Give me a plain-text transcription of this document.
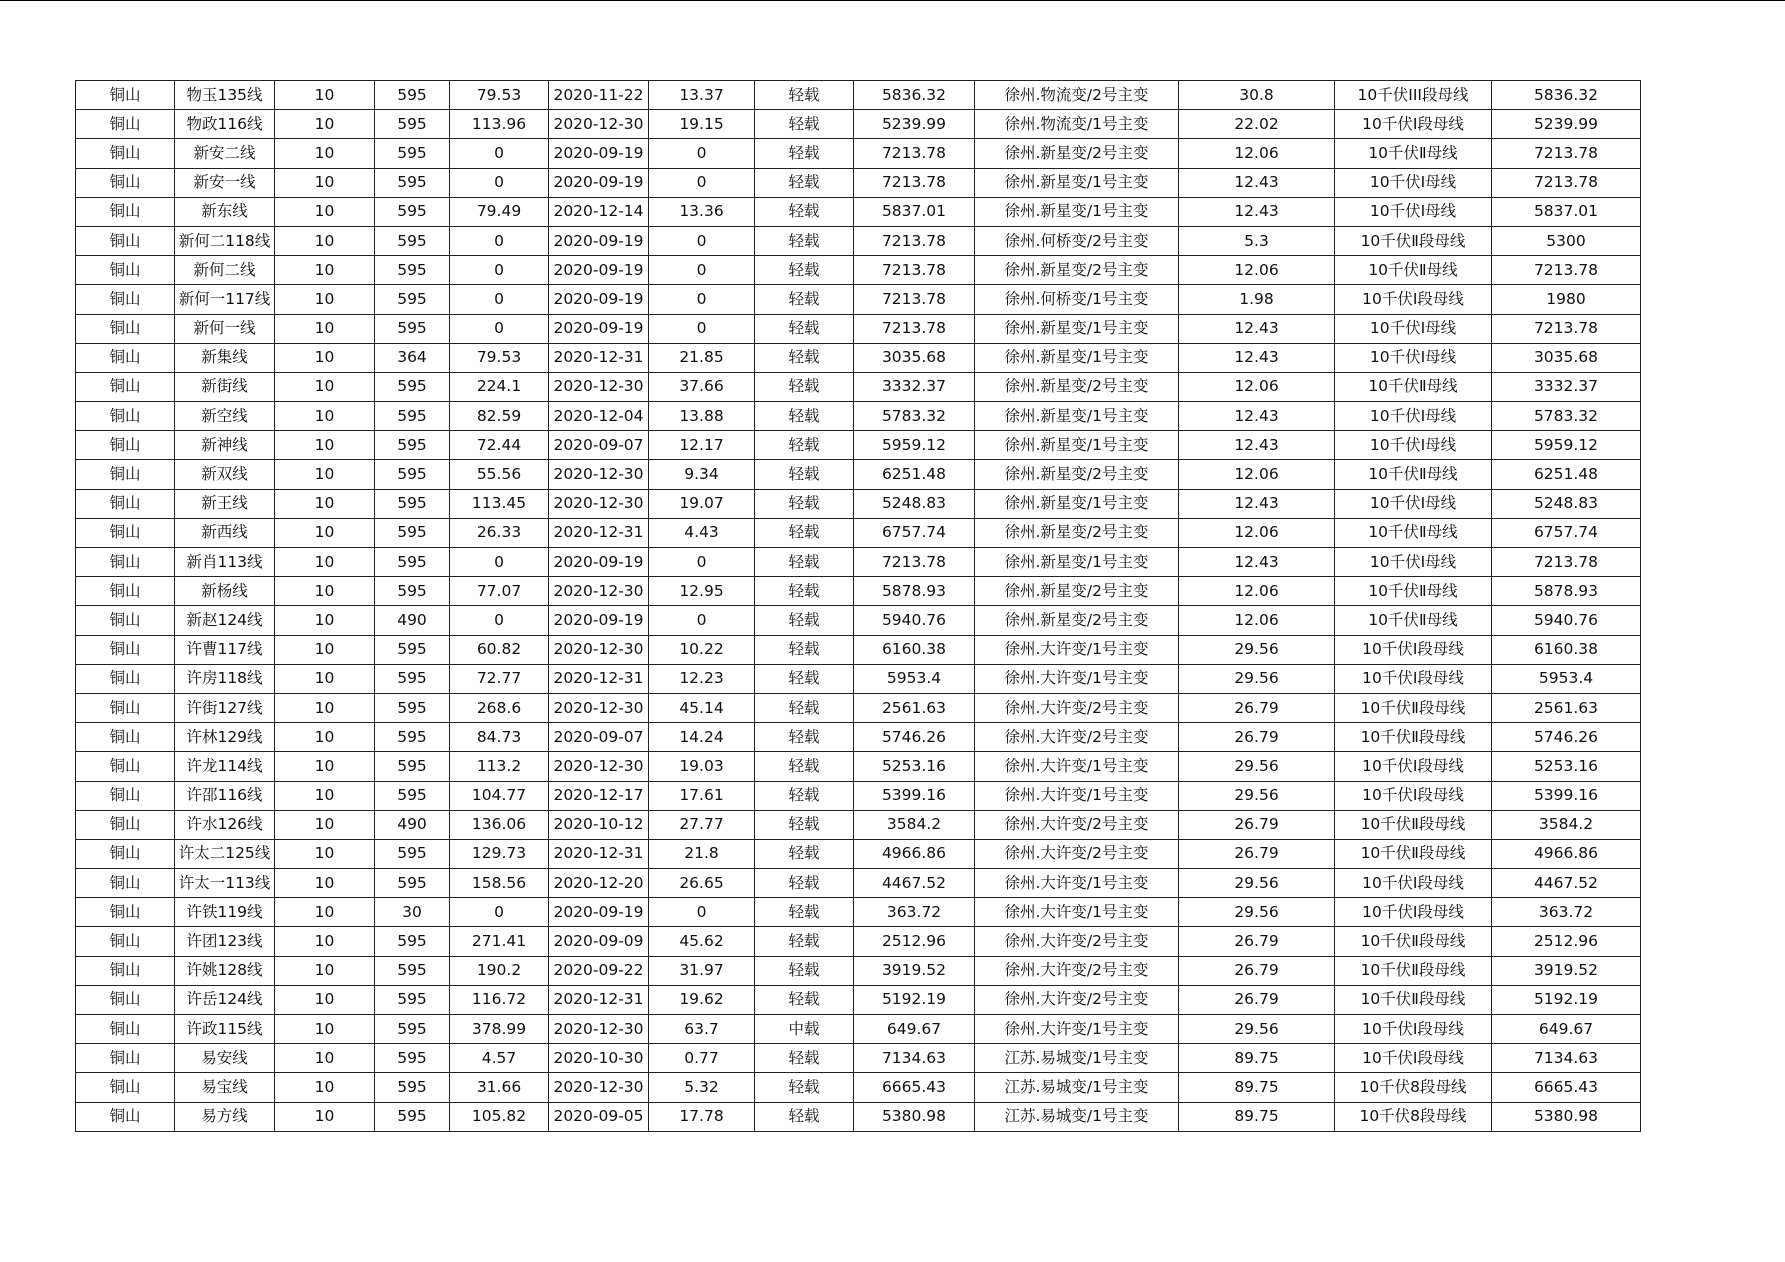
铜山	物玉135线	10	595	79.53	2020-11-22	13.37	轻载	5836.32	徐州.物流变/2号主变	30.8	10千伏III段母线	5836.32

铜山	物政116线	10	595	113.96	2020-12-30	19.15	轻载	5239.99	徐州.物流变/1号主变	22.02	10千伏Ⅰ段母线	5239.99

铜山	新安二线	10	595	0	2020-09-19	0	轻载	7213.78	徐州.新星变/2号主变	12.06	10千伏Ⅱ母线	7213.78

铜山	新安一线	10	595	0	2020-09-19	0	轻载	7213.78	徐州.新星变/1号主变	12.43	10千伏Ⅰ母线	7213.78

铜山	新东线	10	595	79.49	2020-12-14	13.36	轻载	5837.01	徐州.新星变/1号主变	12.43	10千伏Ⅰ母线	5837.01

铜山	新何二118线	10	595	0	2020-09-19	0	轻载	7213.78	徐州.何桥变/2号主变	5.3	10千伏Ⅱ段母线	5300

铜山	新何二线	10	595	0	2020-09-19	0	轻载	7213.78	徐州.新星变/2号主变	12.06	10千伏Ⅱ母线	7213.78

铜山	新何一117线	10	595	0	2020-09-19	0	轻载	7213.78	徐州.何桥变/1号主变	1.98	10千伏Ⅰ段母线	1980

铜山	新何一线	10	595	0	2020-09-19	0	轻载	7213.78	徐州.新星变/1号主变	12.43	10千伏Ⅰ母线	7213.78

铜山	新集线	10	364	79.53	2020-12-31	21.85	轻载	3035.68	徐州.新星变/1号主变	12.43	10千伏Ⅰ母线	3035.68

铜山	新街线	10	595	224.1	2020-12-30	37.66	轻载	3332.37	徐州.新星变/2号主变	12.06	10千伏Ⅱ母线	3332.37

铜山	新空线	10	595	82.59	2020-12-04	13.88	轻载	5783.32	徐州.新星变/1号主变	12.43	10千伏Ⅰ母线	5783.32

铜山	新神线	10	595	72.44	2020-09-07	12.17	轻载	5959.12	徐州.新星变/1号主变	12.43	10千伏Ⅰ母线	5959.12

铜山	新双线	10	595	55.56	2020-12-30	9.34	轻载	6251.48	徐州.新星变/2号主变	12.06	10千伏Ⅱ母线	6251.48

铜山	新王线	10	595	113.45	2020-12-30	19.07	轻载	5248.83	徐州.新星变/1号主变	12.43	10千伏Ⅰ母线	5248.83

铜山	新西线	10	595	26.33	2020-12-31	4.43	轻载	6757.74	徐州.新星变/2号主变	12.06	10千伏Ⅱ母线	6757.74

铜山	新肖113线	10	595	0	2020-09-19	0	轻载	7213.78	徐州.新星变/1号主变	12.43	10千伏Ⅰ母线	7213.78

铜山	新杨线	10	595	77.07	2020-12-30	12.95	轻载	5878.93	徐州.新星变/2号主变	12.06	10千伏Ⅱ母线	5878.93

铜山	新赵124线	10	490	0	2020-09-19	0	轻载	5940.76	徐州.新星变/2号主变	12.06	10千伏Ⅱ母线	5940.76

铜山	许曹117线	10	595	60.82	2020-12-30	10.22	轻载	6160.38	徐州.大许变/1号主变	29.56	10千伏Ⅰ段母线	6160.38

铜山	许房118线	10	595	72.77	2020-12-31	12.23	轻载	5953.4	徐州.大许变/1号主变	29.56	10千伏Ⅰ段母线	5953.4

铜山	许街127线	10	595	268.6	2020-12-30	45.14	轻载	2561.63	徐州.大许变/2号主变	26.79	10千伏Ⅱ段母线	2561.63

铜山	许林129线	10	595	84.73	2020-09-07	14.24	轻载	5746.26	徐州.大许变/2号主变	26.79	10千伏Ⅱ段母线	5746.26

铜山	许龙114线	10	595	113.2	2020-12-30	19.03	轻载	5253.16	徐州.大许变/1号主变	29.56	10千伏Ⅰ段母线	5253.16

铜山	许邵116线	10	595	104.77	2020-12-17	17.61	轻载	5399.16	徐州.大许变/1号主变	29.56	10千伏Ⅰ段母线	5399.16

铜山	许水126线	10	490	136.06	2020-10-12	27.77	轻载	3584.2	徐州.大许变/2号主变	26.79	10千伏Ⅱ段母线	3584.2

铜山	许太二125线	10	595	129.73	2020-12-31	21.8	轻载	4966.86	徐州.大许变/2号主变	26.79	10千伏Ⅱ段母线	4966.86

铜山	许太一113线	10	595	158.56	2020-12-20	26.65	轻载	4467.52	徐州.大许变/1号主变	29.56	10千伏Ⅰ段母线	4467.52

铜山	许铁119线	10	30	0	2020-09-19	0	轻载	363.72	徐州.大许变/1号主变	29.56	10千伏Ⅰ段母线	363.72

铜山	许团123线	10	595	271.41	2020-09-09	45.62	轻载	2512.96	徐州.大许变/2号主变	26.79	10千伏Ⅱ段母线	2512.96

铜山	许姚128线	10	595	190.2	2020-09-22	31.97	轻载	3919.52	徐州.大许变/2号主变	26.79	10千伏Ⅱ段母线	3919.52

铜山	许岳124线	10	595	116.72	2020-12-31	19.62	轻载	5192.19	徐州.大许变/2号主变	26.79	10千伏Ⅱ段母线	5192.19

铜山	许政115线	10	595	378.99	2020-12-30	63.7	中载	649.67	徐州.大许变/1号主变	29.56	10千伏Ⅰ段母线	649.67

铜山	易安线	10	595	4.57	2020-10-30	0.77	轻载	7134.63	江苏.易城变/1号主变	89.75	10千伏Ⅰ段母线	7134.63

铜山	易宝线	10	595	31.66	2020-12-30	5.32	轻载	6665.43	江苏.易城变/1号主变	89.75	10千伏8段母线	6665.43

铜山	易方线	10	595	105.82	2020-09-05	17.78	轻载	5380.98	江苏.易城变/1号主变	89.75	10千伏8段母线	5380.98
